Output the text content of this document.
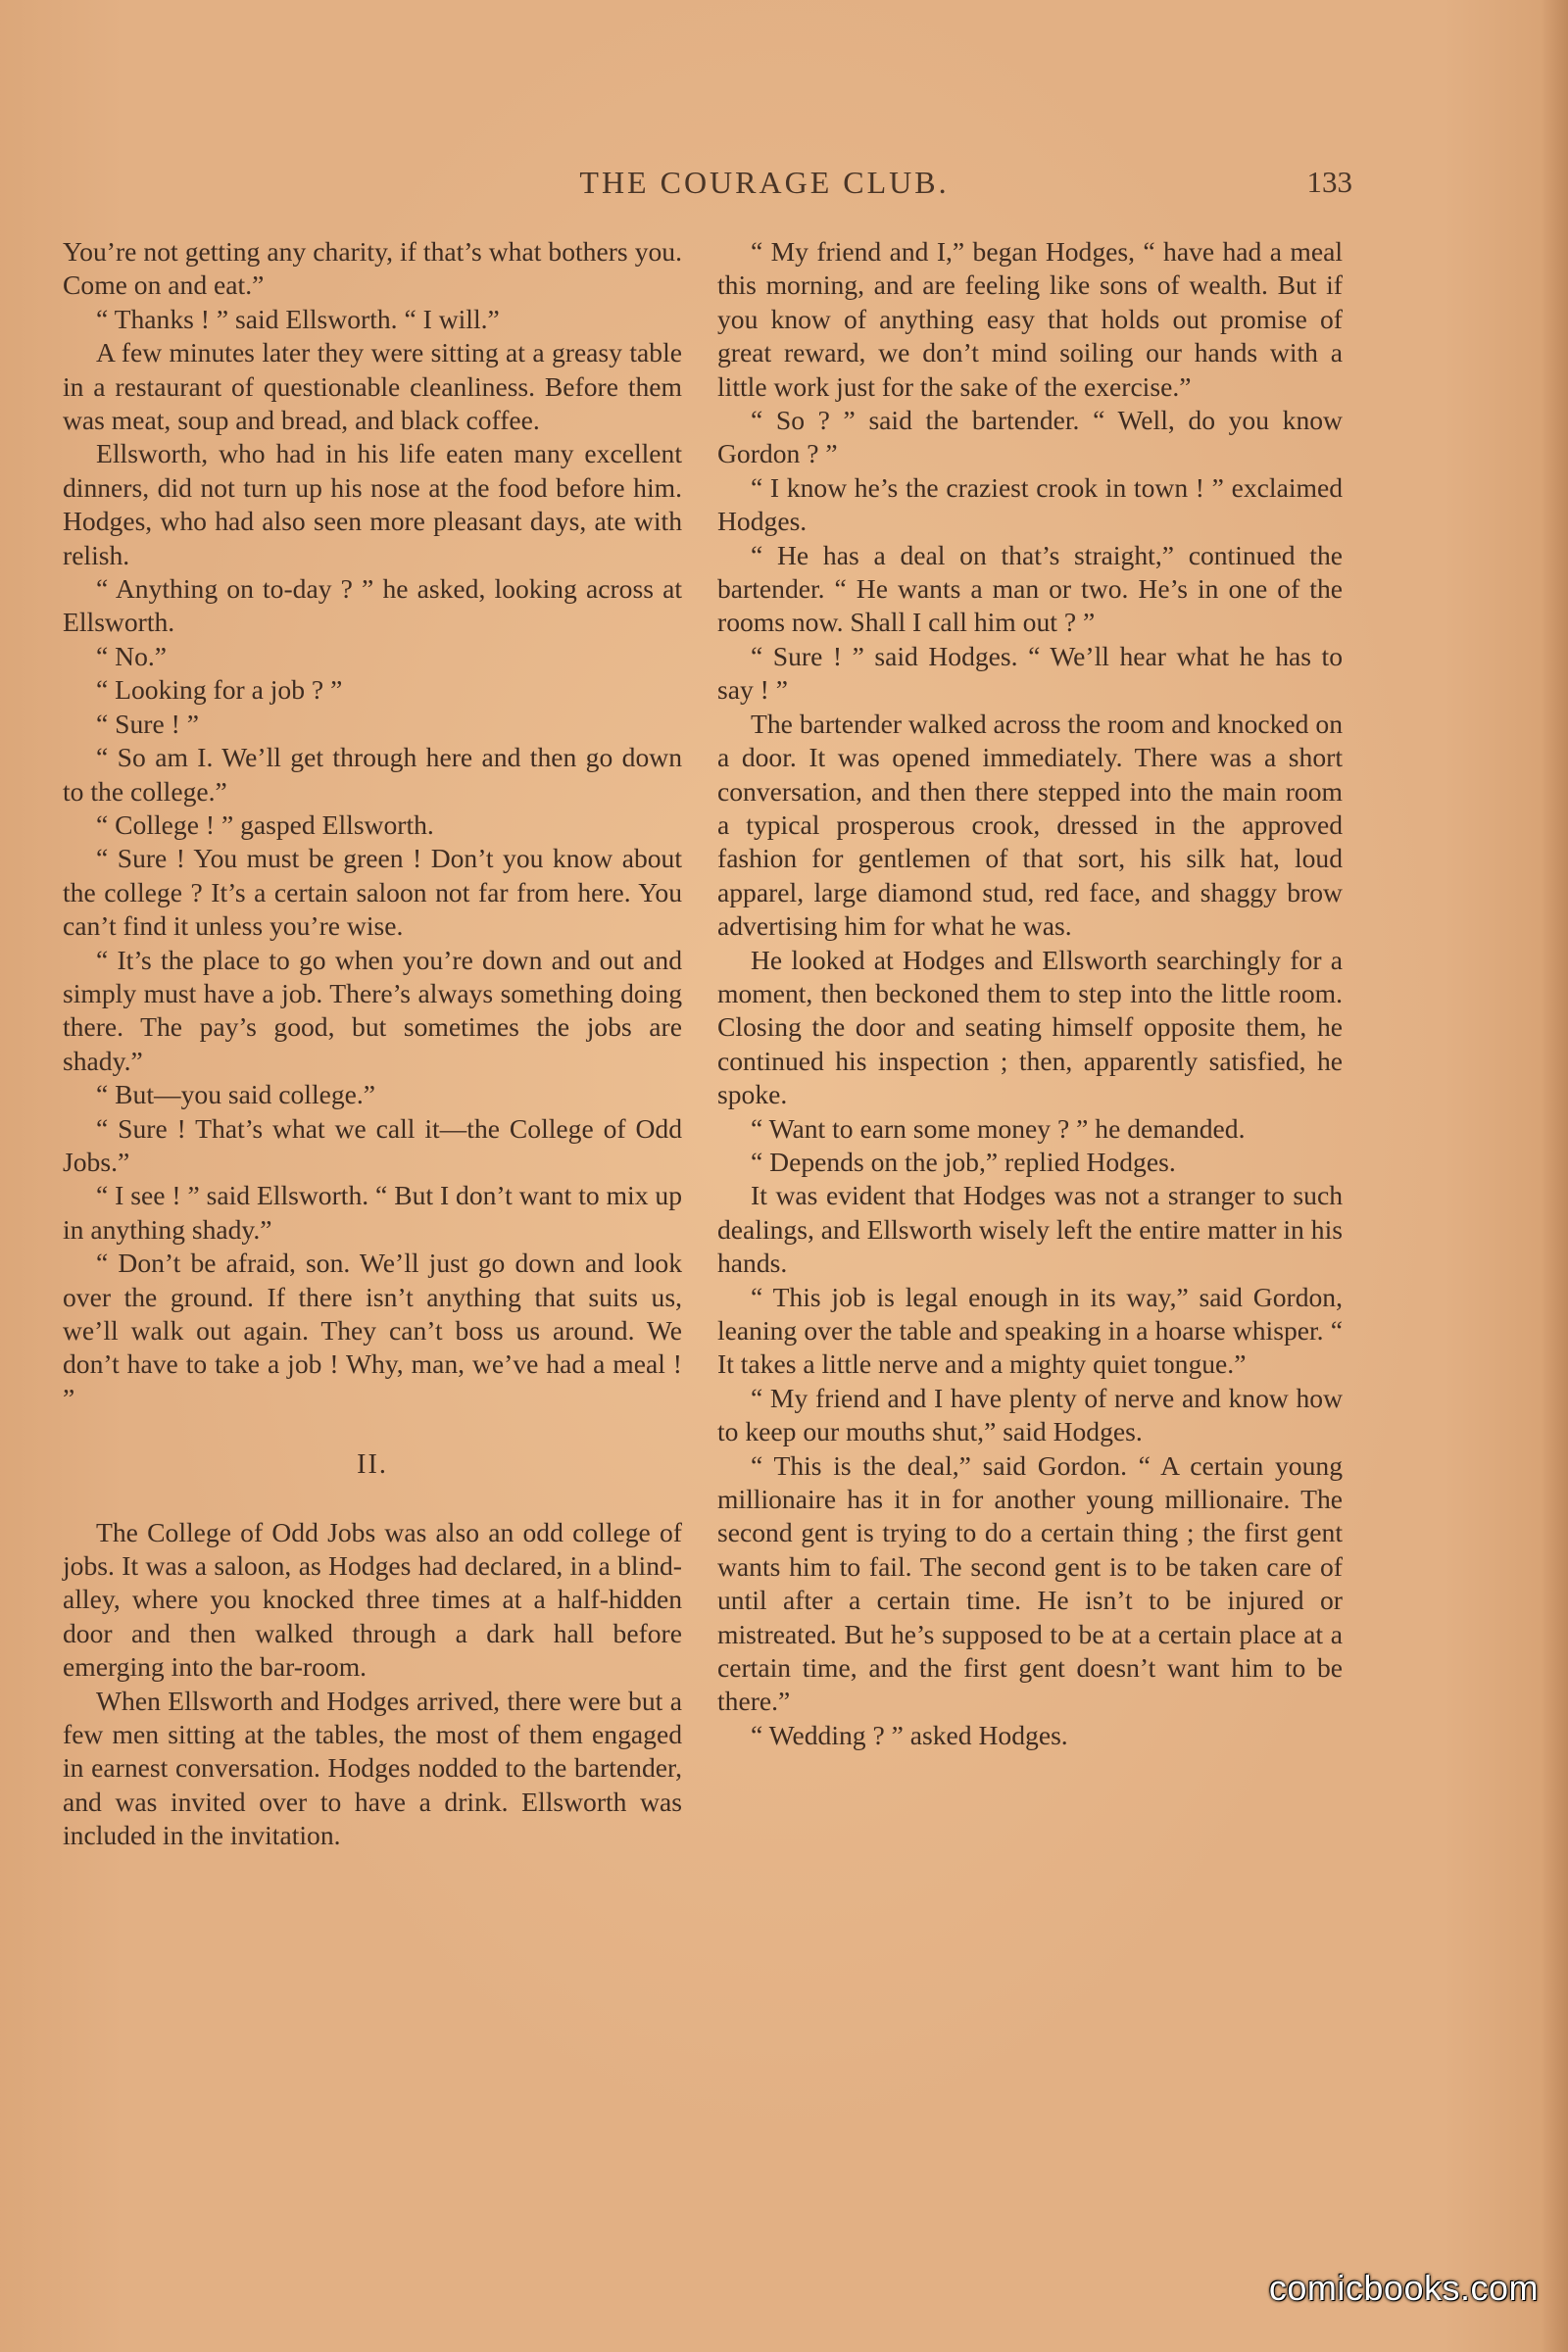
THE COURAGE CLUB.	133

You’re not getting any charity, if that’s what bothers you. Come on and eat.”

“ Thanks ! ” said Ellsworth. “ I will.”

A few minutes later they were sitting at a greasy table in a restaurant of questionable cleanliness. Before them was meat, soup and bread, and black coffee.

Ellsworth, who had in his life eaten many excellent dinners, did not turn up his nose at the food before him. Hodges, who had also seen more pleasant days, ate with relish.

“ Anything on to-day ? ” he asked, looking across at Ellsworth.

“ No.”

“ Looking for a job ? ”

“ Sure ! ”

“ So am I. We’ll get through here and then go down to the college.”

“ College ! ” gasped Ellsworth.

“ Sure ! You must be green ! Don’t you know about the college ? It’s a certain saloon not far from here. You can’t find it unless you’re wise.

“ It’s the place to go when you’re down and out and simply must have a job. There’s always something doing there. The pay’s good, but sometimes the jobs are shady.”

“ But—you said college.”

“ Sure ! That’s what we call it—the College of Odd Jobs.”

“ I see ! ” said Ellsworth. “ But I don’t want to mix up in anything shady.”

“ Don’t be afraid, son. We’ll just go down and look over the ground. If there isn’t anything that suits us, we’ll walk out again. They can’t boss us around. We don’t have to take a job ! Why, man, we’ve had a meal ! ”

II.

The College of Odd Jobs was also an odd college of jobs. It was a saloon, as Hodges had declared, in a blind-alley, where you knocked three times at a half-hidden door and then walked through a dark hall before emerging into the bar-room.

When Ellsworth and Hodges arrived, there were but a few men sitting at the tables, the most of them engaged in earnest conversation. Hodges nodded to the bartender, and was invited over to have a drink. Ellsworth was included in the invitation.

“ My friend and I,” began Hodges, “ have had a meal this morning, and are feeling like sons of wealth. But if you know of anything easy that holds out promise of great reward, we don’t mind soiling our hands with a little work just for the sake of the exercise.”

“ So ? ” said the bartender. “ Well, do you know Gordon ? ”

“ I know he’s the craziest crook in town ! ” exclaimed Hodges.

“ He has a deal on that’s straight,” continued the bartender. “ He wants a man or two. He’s in one of the rooms now. Shall I call him out ? ”

“ Sure ! ” said Hodges. “ We’ll hear what he has to say ! ”

The bartender walked across the room and knocked on a door. It was opened immediately. There was a short conversation, and then there stepped into the main room a typical prosperous crook, dressed in the approved fashion for gentlemen of that sort, his silk hat, loud apparel, large diamond stud, red face, and shaggy brow advertising him for what he was.

He looked at Hodges and Ellsworth searchingly for a moment, then beckoned them to step into the little room. Closing the door and seating himself opposite them, he continued his inspection ; then, apparently satisfied, he spoke.

“ Want to earn some money ? ” he demanded.

“ Depends on the job,” replied Hodges.

It was evident that Hodges was not a stranger to such dealings, and Ellsworth wisely left the entire matter in his hands.

“ This job is legal enough in its way,” said Gordon, leaning over the table and speaking in a hoarse whisper. “ It takes a little nerve and a mighty quiet tongue.”

“ My friend and I have plenty of nerve and know how to keep our mouths shut,” said Hodges.

“ This is the deal,” said Gordon. “ A certain young millionaire has it in for another young millionaire. The second gent is trying to do a certain thing ; the first gent wants him to fail. The second gent is to be taken care of until after a certain time. He isn’t to be injured or mistreated. But he’s supposed to be at a certain place at a certain time, and the first gent doesn’t want him to be there.”

“ Wedding ? ” asked Hodges.

comicbooks.com
